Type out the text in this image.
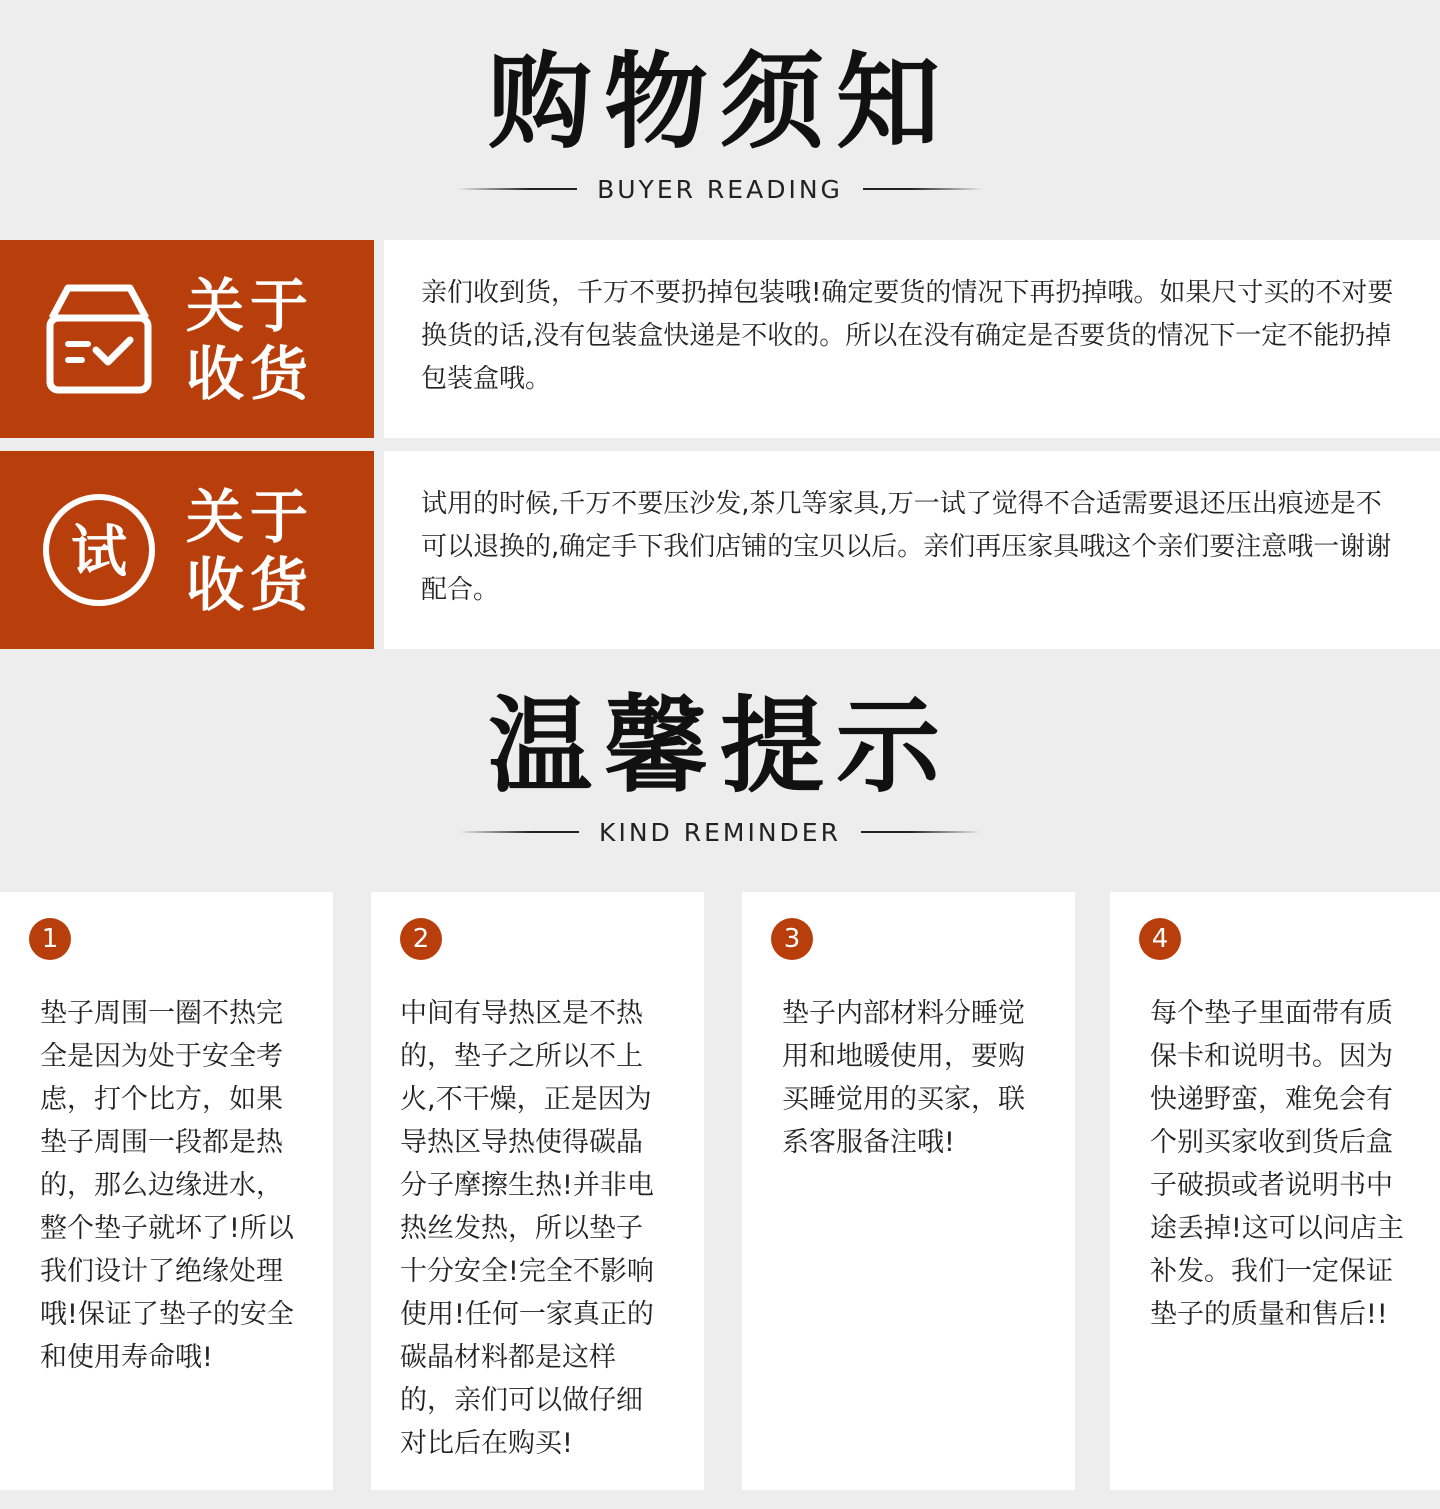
购物须知
BUYER READING
关于
收货
亲们收到货，千万不要扔掉包装哦!确定要货的情况下再扔掉哦。如果尺寸买的不对要换货的话,没有包装盒快递是不收的。所以在没有确定是否要货的情况下一定不能扔掉包装盒哦。
试
关于
收货
试用的时候,千万不要压沙发,茶几等家具,万一试了觉得不合适需要退还压出痕迹是不可以退换的,确定手下我们店铺的宝贝以后。亲们再压家具哦这个亲们要注意哦一谢谢配合。
温馨提示
KIND REMINDER
1
垫子周围一圈不热完全是因为处于安全考虑，打个比方，如果垫子周围一段都是热的，那么边缘进水，整个垫子就坏了!所以我们设计了绝缘处理哦!保证了垫子的安全和使用寿命哦!
2
中间有导热区是不热的，垫子之所以不上火,不干燥，正是因为导热区导热使得碳晶分子摩擦生热!并非电热丝发热，所以垫子十分安全!完全不影响使用!任何一家真正的碳晶材料都是这样的，亲们可以做仔细对比后在购买!
3
垫子内部材料分睡觉用和地暖使用，要购买睡觉用的买家，联系客服备注哦!
4
每个垫子里面带有质保卡和说明书。因为快递野蛮，难免会有个别买家收到货后盒子破损或者说明书中途丢掉!这可以问店主补发。我们一定保证垫子的质量和售后!!
